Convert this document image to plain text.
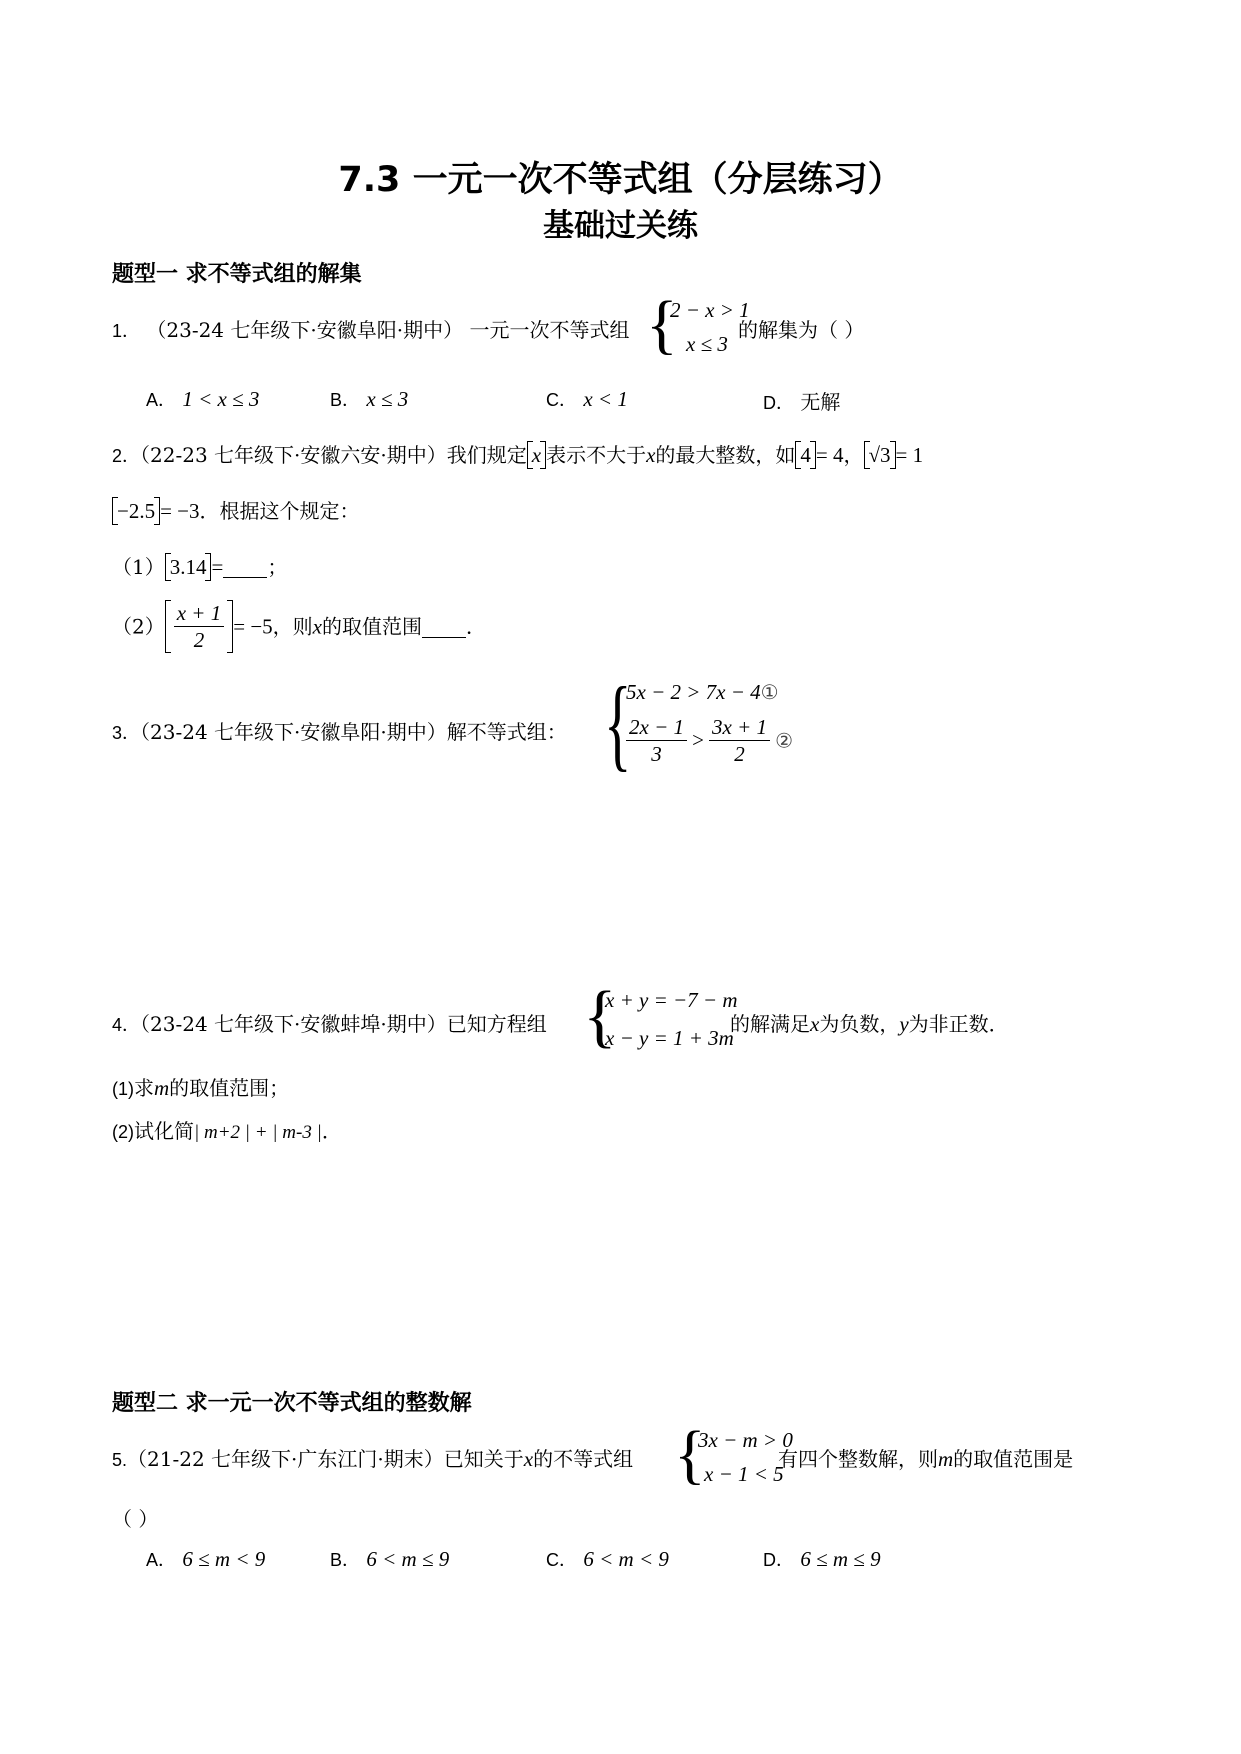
7.3 一元一次不等式组（分层练习）
基础过关练
题型一 求不等式组的解集
1． （23-24 七年级下·安徽阜阳·期中） 一元一次不等式组 {
2 − x > 1
x ≤ 3
的解集为（ ）
A． 1 < x ≤ 3	B． x ≤ 3	C． x < 1	D． 无解
2．（22-23 七年级下·安徽六安·期中）我们规定 x 表示不大于x的最大整数，如 4 = 4， √3 = 1
−2.5 = −3．根据这个规定：
（1） 3.14 = ；
$(2) \frac{x + 1}{2} = -5$，则x的取值范围 ．
3．（23-24 七年级下·安徽阜阳·期中）解不等式组： {
5x − 2 > 7x − 4①
$\frac{2x - 1}{3} > \frac{3x + 1}{2}$ ②
4．（23-24 七年级下·安徽蚌埠·期中）已知方程组 {
x + y = −7 − m
x − y = 1 + 3m
的解满足x为负数，y为非正数．
(1)求m的取值范围；
(2)试化简| m+2 | + | m-3 |．
题型二 求一元一次不等式组的整数解
5.（21-22 七年级下·广东江门·期末）已知关于x的不等式组 {
3x − m > 0
x − 1 < 5
有四个整数解，则m的取值范围是
（ ）
A． 6 ≤ m < 9	B． 6 < m ≤ 9	C． 6 < m < 9	D． 6 ≤ m ≤ 9
